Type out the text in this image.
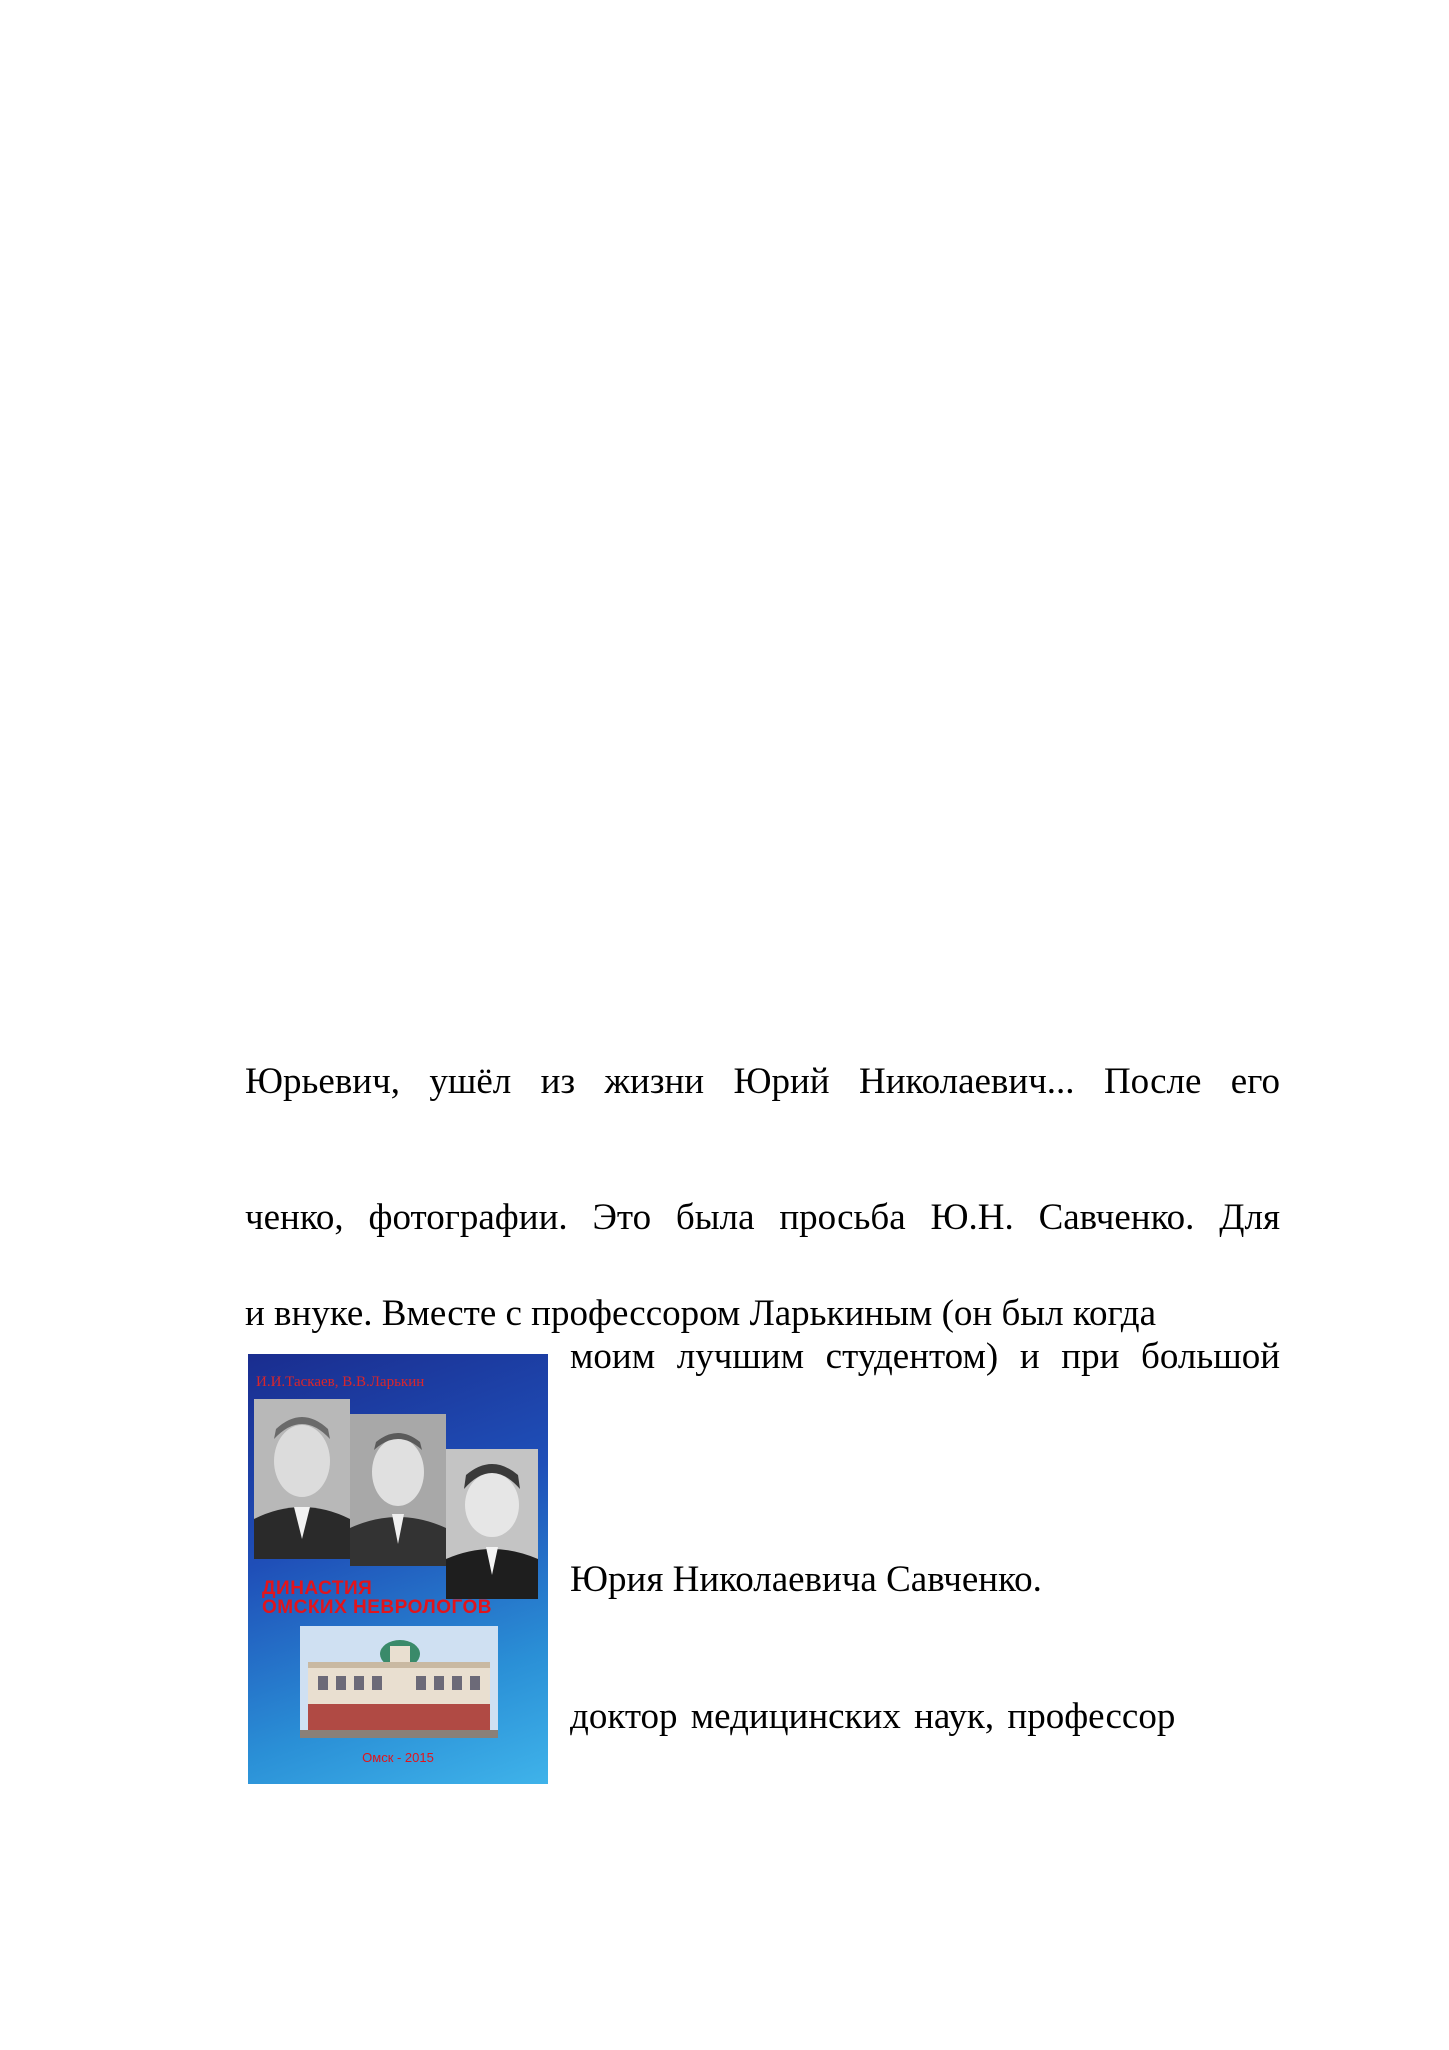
Юрьевич, ушёл из жизни Юрий Николаевич... После его
ченко, фотографии. Это была просьба Ю.Н. Савченко. Для
и внуке. Вместе с профессором Ларькиным (он был когда
моим лучшим студентом) и при большой
Юрия Николаевича Савченко.
доктор медицинских наук, профессор
И.И.Таскаев, В.В.Ларькин
ДИНАСТИЯ
ОМСКИХ НЕВРОЛОГОВ
Омск - 2015
